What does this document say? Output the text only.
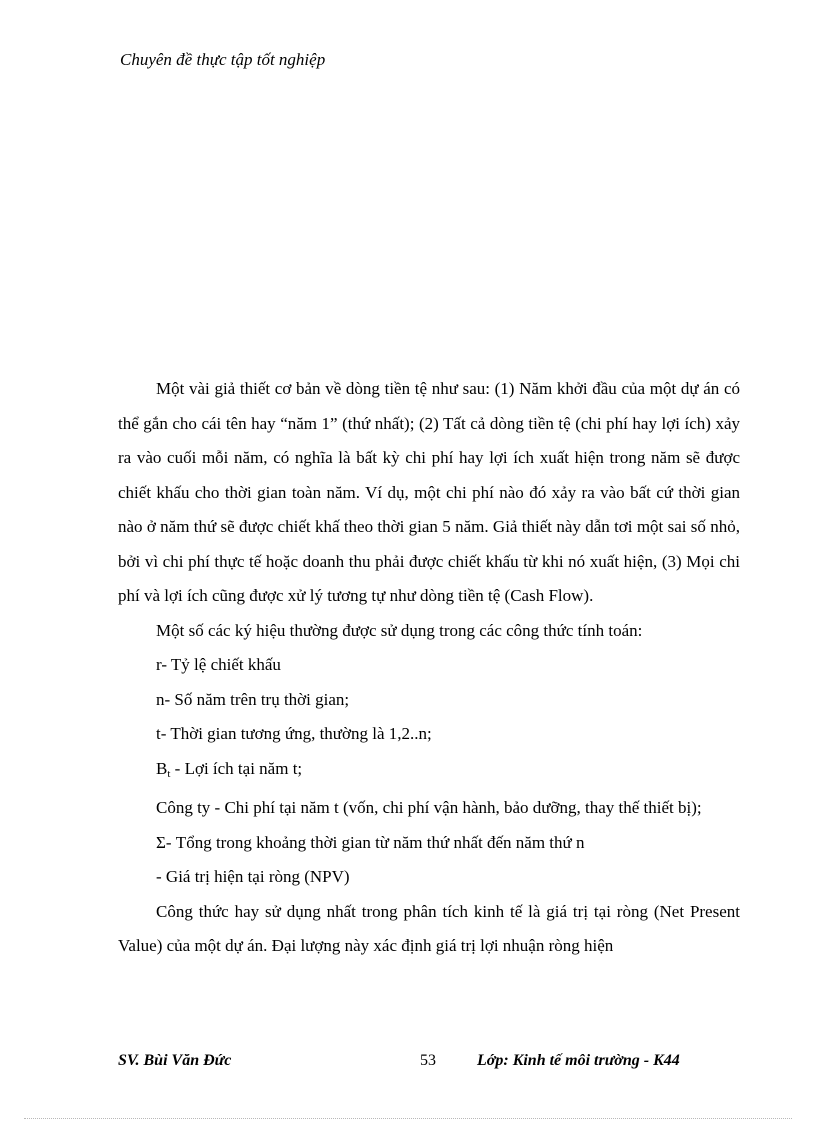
Chuyên đề thực tập tốt nghiệp

Một vài giả thiết cơ bản về dòng tiền tệ như sau: (1) Năm khởi đầu của một dự án có thể gắn cho cái tên hay “năm 1” (thứ nhất); (2) Tất cả dòng tiền tệ (chi phí hay lợi ích) xảy ra vào cuối mỗi năm, có nghĩa là bất kỳ chi phí hay lợi ích xuất hiện trong năm sẽ được chiết khấu cho thời gian toàn năm. Ví dụ, một chi phí nào đó xảy ra vào bất cứ thời gian nào ở năm thứ sẽ được chiết khấ theo thời gian 5 năm. Giả thiết này dẫn tơi một sai số nhỏ, bởi vì chi phí thực tế hoặc doanh thu phải được chiết khấu từ khi nó xuất hiện, (3) Mọi chi phí và lợi ích cũng được xử lý tương tự như dòng tiền tệ (Cash Flow).

Một số các ký hiệu thường được sử dụng trong các công thức tính toán:

r- Tỷ lệ chiết khấu

n- Số năm trên trụ thời gian;

t- Thời gian tương ứng, thường là 1,2..n;

$B_t$ - Lợi ích tại năm t;

Công ty - Chi phí tại năm t (vốn, chi phí vận hành, bảo dưỡng, thay thế thiết bị);

Σ- Tổng trong khoảng thời gian từ năm thứ nhất đến năm thứ n

- Giá trị hiện tại ròng (NPV)

Công thức hay sử dụng nhất trong phân tích kinh tế là giá trị tại ròng (Net Present Value) của một dự án. Đại lượng này xác định giá trị lợi nhuận ròng hiện

SV. Bùi Văn Đức	53	Lớp: Kinh tế môi trường - K44
